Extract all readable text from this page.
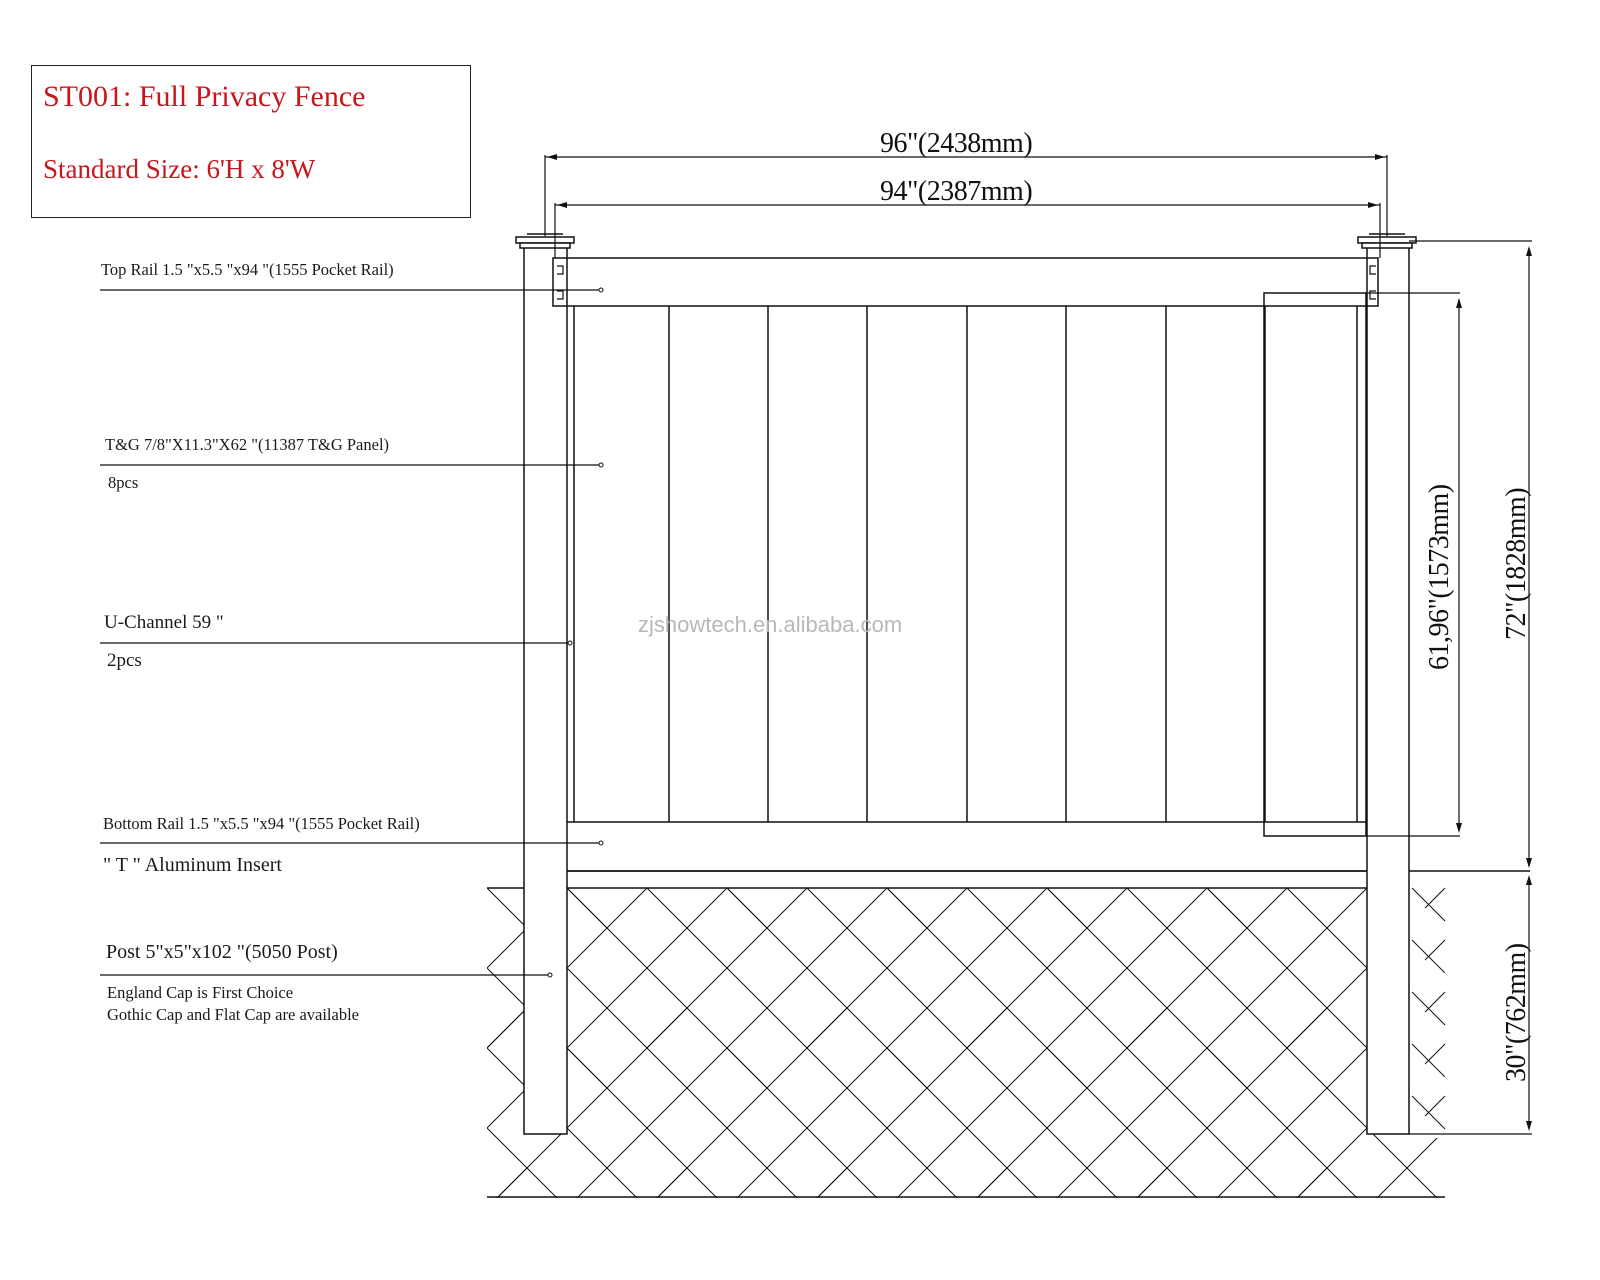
ST001: Full Privacy Fence
Standard Size: 6'H x 8'W
96"(2438mm)
94"(2387mm)
61,96"(1573mm) 72"(1828mm)
30"(762mm)
Top Rail 1.5 "x5.5 "x94 "(1555 Pocket Rail)
T&G 7/8"X11.3"X62 "(11387 T&G Panel)
8pcs
U-Channel 59 "
2pcs
Bottom Rail 1.5 "x5.5 "x94 "(1555 Pocket Rail)
" T " Aluminum Insert
Post 5"x5"x102 "(5050 Post)
England Cap is First Choice
Gothic Cap and Flat Cap are available
zjshowtech.en.alibaba.com
